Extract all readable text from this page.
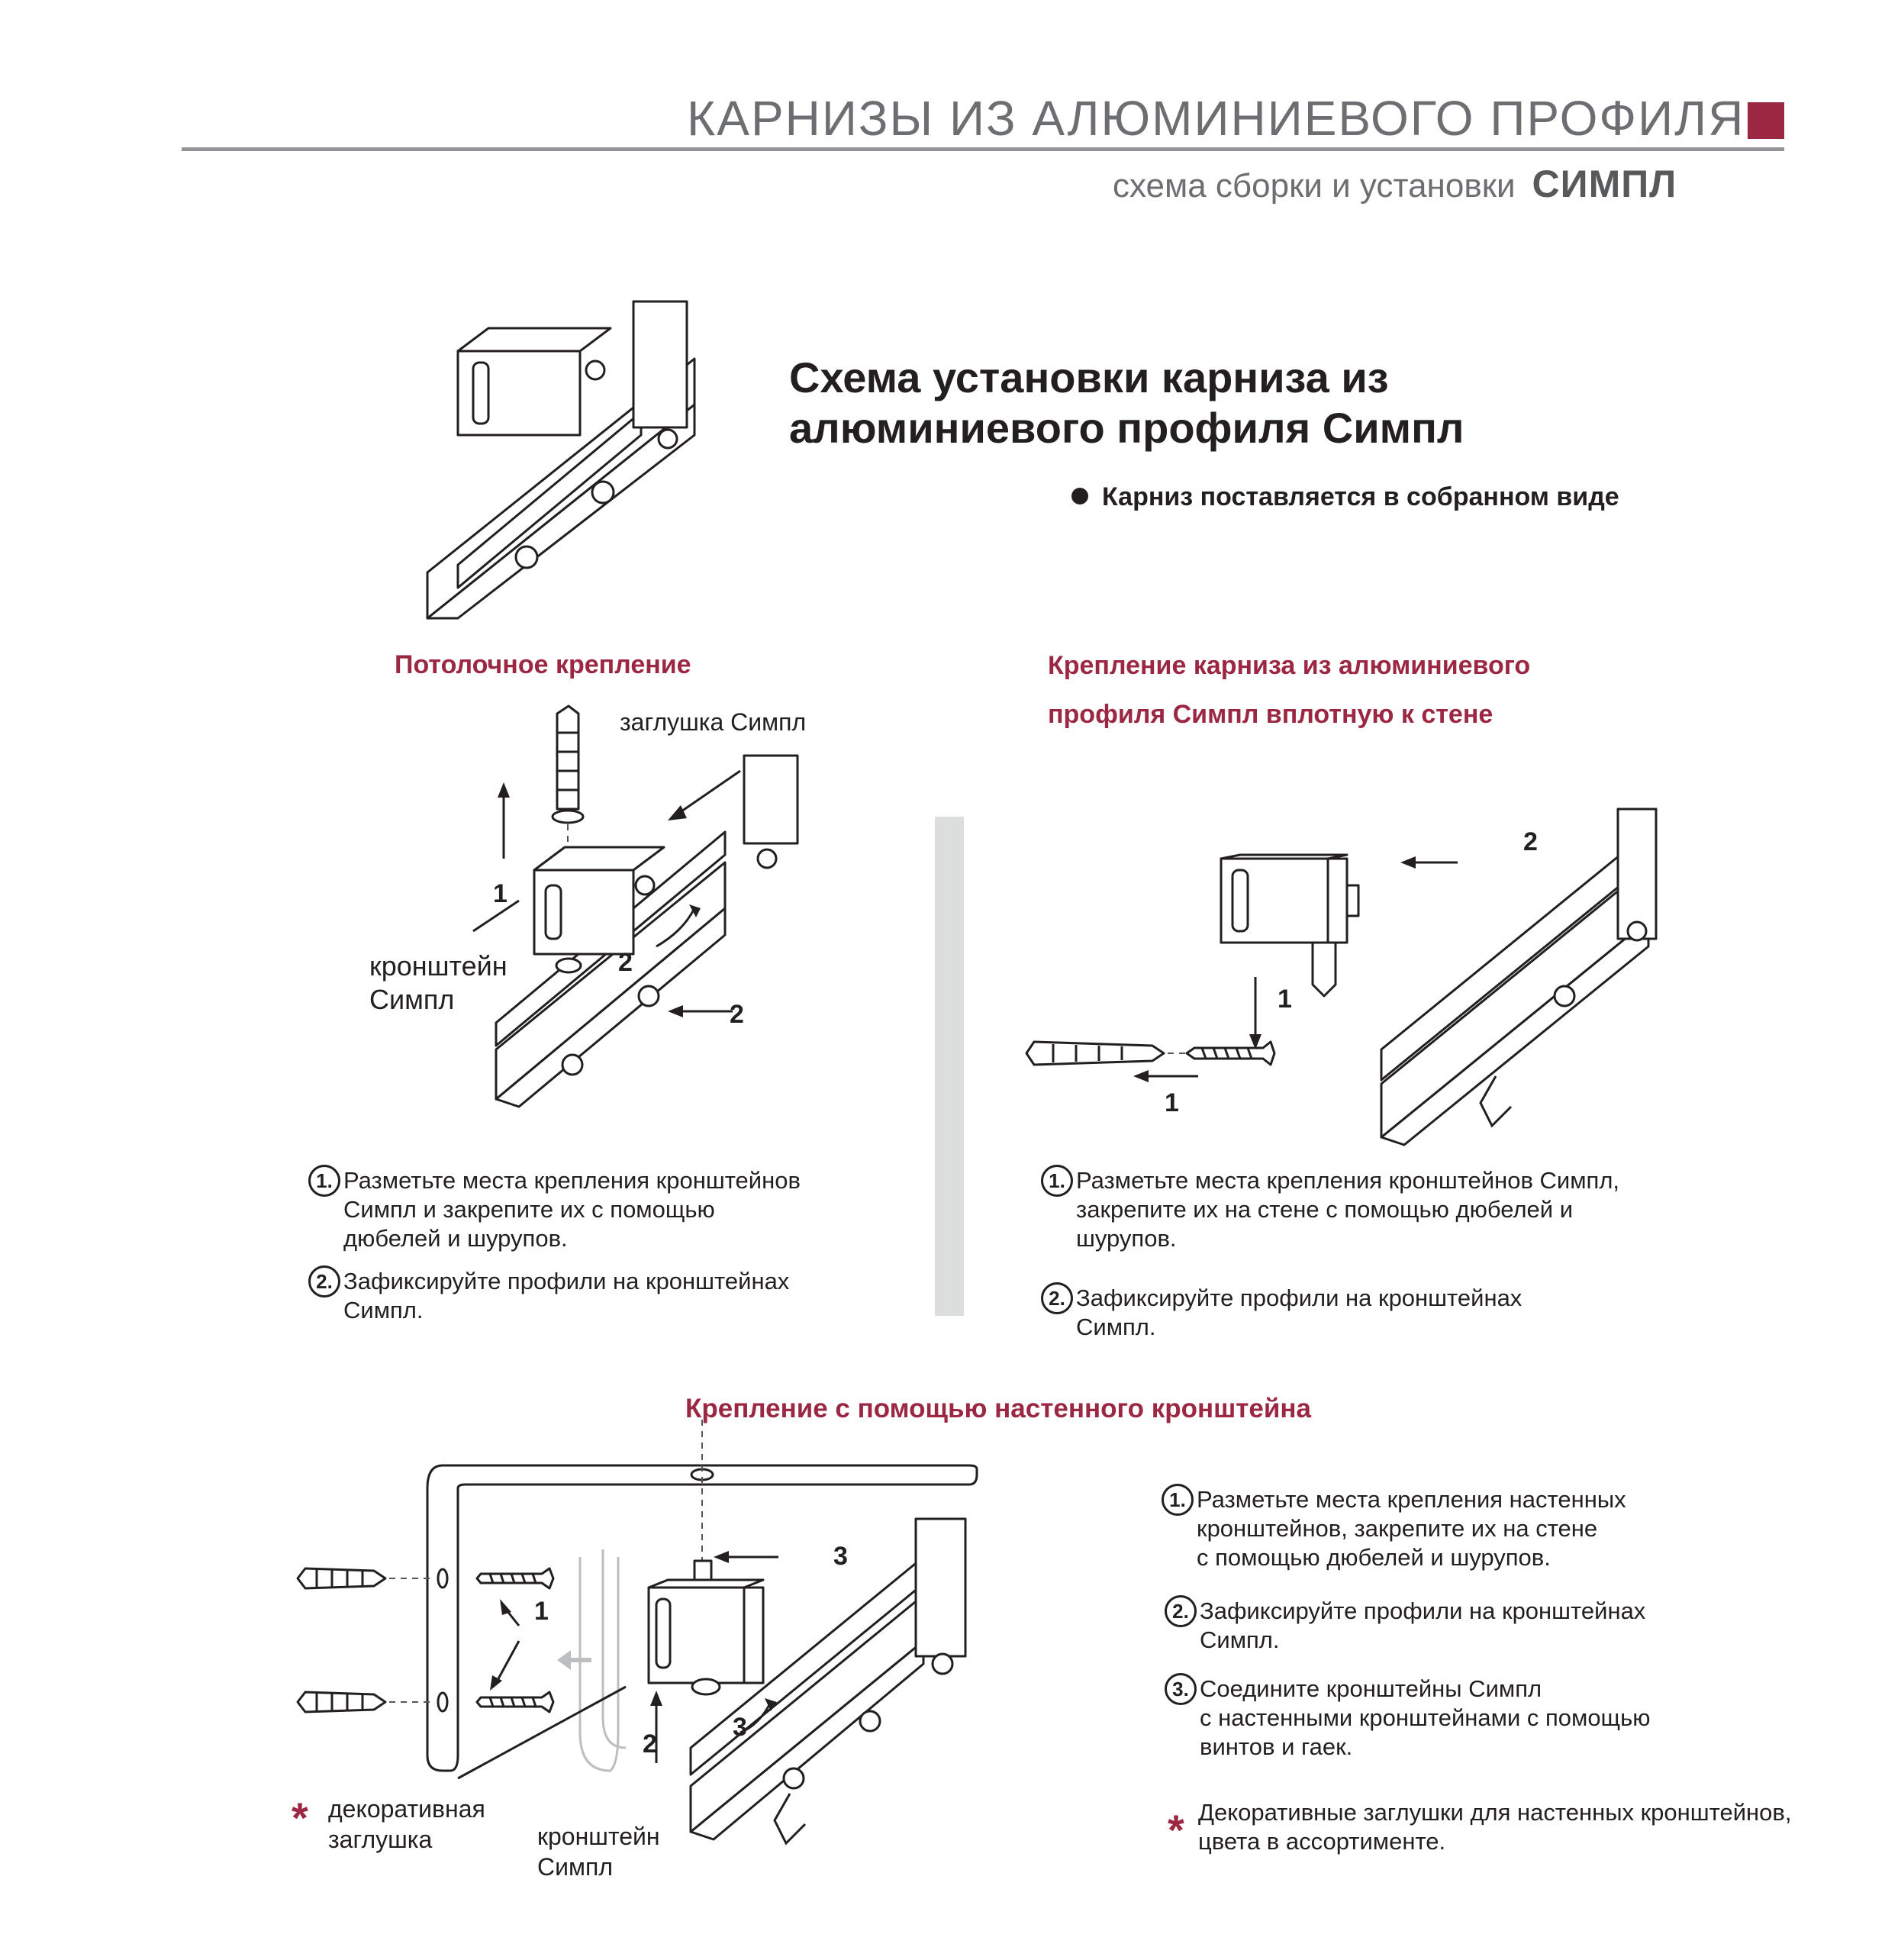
КАРНИЗЫ ИЗ АЛЮМИНИЕВОГО ПРОФИЛЯ
схема сборки и установки СИМПЛ
Схема установки карниза из
алюминиевого профиля Симпл
Карниз поставляется в собранном виде
Потолочное крепление
заглушка Симпл
кронштейн
Симпл
1
2
2
1. Разметьте места крепления кронштейнов
Симпл и закрепите их с помощью
дюбелей и шурупов.
2. Зафиксируйте профили на кронштейнах
Симпл.
Крепление карниза из алюминиевого
профиля Симпл вплотную к стене
1
1
2
1. Разметьте места крепления кронштейнов Симпл,
закрепите их на стене с помощью дюбелей и
шурупов.
2. Зафиксируйте профили на кронштейнах
Симпл.
Крепление с помощью настенного кронштейна
1
2
3
3
* декоративная
заглушка	кронштейн
Симпл
1. Разметьте места крепления настенных
кронштейнов, закрепите их на стене
с помощью дюбелей и шурупов.
2. Зафиксируйте профили на кронштейнах
Симпл.
3. Соедините кронштейны Симпл
с настенными кронштейнами с помощью
винтов и гаек.
* Декоративные заглушки для настенных кронштейнов,
цвета в ассортименте.
